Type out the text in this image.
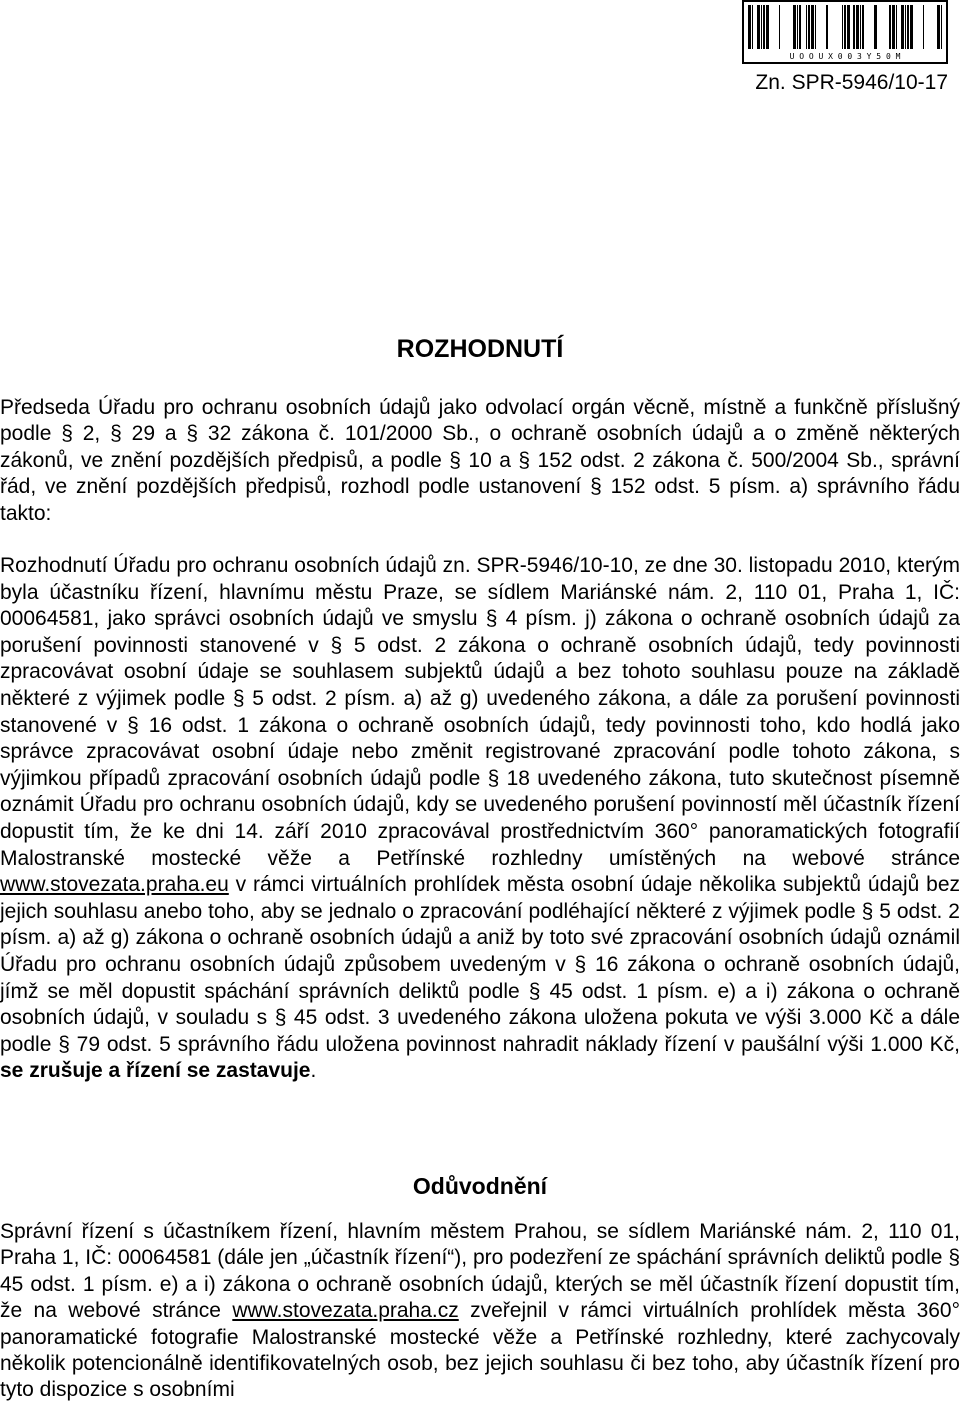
U O O U X 0 0 3 Y 5 0 M
Zn. SPR-5946/10-17
ROZHODNUTÍ
Předseda Úřadu pro ochranu osobních údajů jako odvolací orgán věcně, místně a funkčně příslušný podle § 2, § 29 a § 32 zákona č. 101/2000 Sb., o ochraně osobních údajů a o změně některých zákonů, ve znění pozdějších předpisů, a podle § 10 a § 152 odst. 2 zákona č. 500/2004 Sb., správní řád, ve znění pozdějších předpisů, rozhodl podle ustanovení § 152 odst. 5 písm. a) správního řádu takto:
Rozhodnutí Úřadu pro ochranu osobních údajů zn. SPR-5946/10-10, ze dne 30. listopadu 2010, kterým byla účastníku řízení, hlavnímu městu Praze, se sídlem Mariánské nám. 2, 110 01, Praha 1, IČ: 00064581, jako správci osobních údajů ve smyslu § 4 písm. j) zákona o ochraně osobních údajů za porušení povinnosti stanovené v § 5 odst. 2 zákona o ochraně osobních údajů, tedy povinnosti zpracovávat osobní údaje se souhlasem subjektů údajů a bez tohoto souhlasu pouze na základě některé z výjimek podle § 5 odst. 2 písm. a) až g) uvedeného zákona, a dále za porušení povinnosti stanovené v § 16 odst. 1 zákona o ochraně osobních údajů, tedy povinnosti toho, kdo hodlá jako správce zpracovávat osobní údaje nebo změnit registrované zpracování podle tohoto zákona, s výjimkou případů zpracování osobních údajů podle § 18 uvedeného zákona, tuto skutečnost písemně oznámit Úřadu pro ochranu osobních údajů, kdy se uvedeného porušení povinností měl účastník řízení dopustit tím, že ke dni 14. září 2010 zpracovával prostřednictvím 360° panoramatických fotografií Malostranské mostecké věže a Petřínské rozhledny umístěných na webové stránce www.stovezata.praha.eu v rámci virtuálních prohlídek města osobní údaje několika subjektů údajů bez jejich souhlasu anebo toho, aby se jednalo o zpracování podléhající některé z výjimek podle § 5 odst. 2 písm. a) až g) zákona o ochraně osobních údajů a aniž by toto své zpracování osobních údajů oznámil Úřadu pro ochranu osobních údajů způsobem uvedeným v § 16 zákona o ochraně osobních údajů, jímž se měl dopustit spáchání správních deliktů podle § 45 odst. 1 písm. e) a i) zákona o ochraně osobních údajů, v souladu s § 45 odst. 3 uvedeného zákona uložena pokuta ve výši 3.000 Kč a dále podle § 79 odst. 5 správního řádu uložena povinnost nahradit náklady řízení v paušální výši 1.000 Kč, se zrušuje a řízení se zastavuje.
Odůvodnění
Správní řízení s účastníkem řízení, hlavním městem Prahou, se sídlem Mariánské nám. 2, 110 01, Praha 1, IČ: 00064581 (dále jen „účastník řízení“), pro podezření ze spáchání správních deliktů podle § 45 odst. 1 písm. e) a i) zákona o ochraně osobních údajů, kterých se měl účastník řízení dopustit tím, že na webové stránce www.stovezata.praha.cz zveřejnil v rámci virtuálních prohlídek města 360° panoramatické fotografie Malostranské mostecké věže a Petřínské rozhledny, které zachycovaly několik potencionálně identifikovatelných osob, bez jejich souhlasu či bez toho, aby účastník řízení pro tyto dispozice s osobními
